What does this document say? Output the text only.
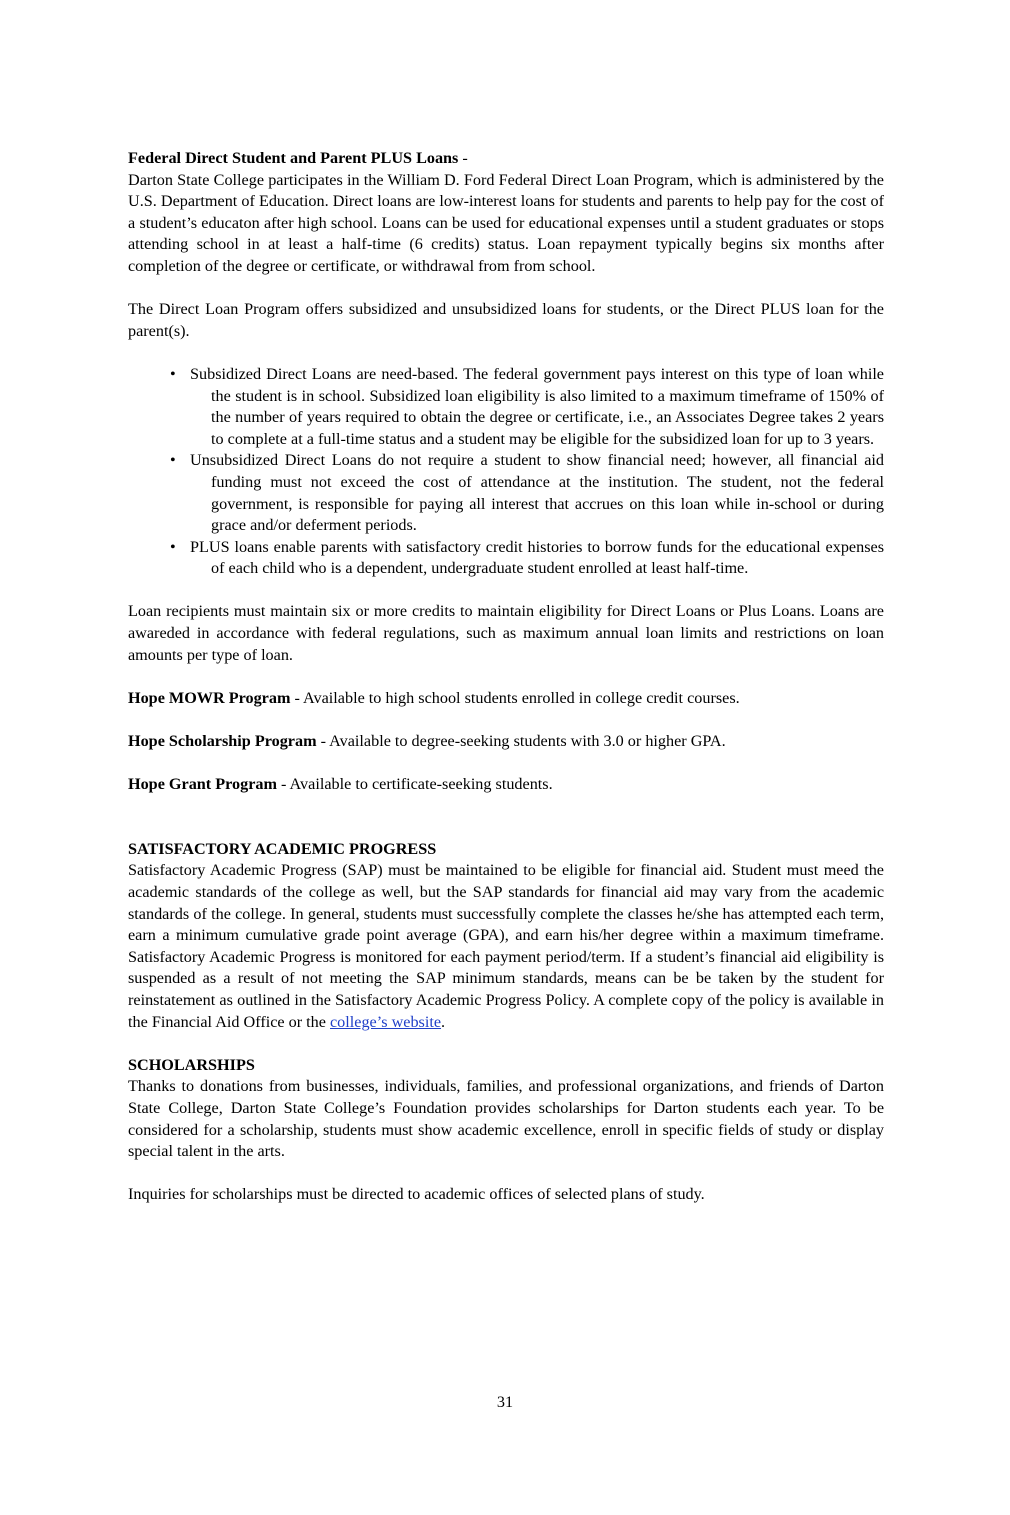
Federal Direct Student and Parent PLUS Loans -

Darton State College participates in the William D. Ford Federal Direct Loan Program, which is administered by the U.S. Department of Education. Direct loans are low-interest loans for students and parents to help pay for the cost of a student’s educaton after high school. Loans can be used for educational expenses until a student graduates or stops attending school in at least a half-time (6 credits) status. Loan repayment typically begins six months after completion of the degree or certificate, or withdrawal from from school.

The Direct Loan Program offers subsidized and unsubsidized loans for students, or the Direct PLUS loan for the parent(s).

• Subsidized Direct Loans are need-based. The federal government pays interest on this type of loan while the student is in school. Subsidized loan eligibility is also limited to a maximum timeframe of 150% of the number of years required to obtain the degree or certificate, i.e., an Associates Degree takes 2 years to complete at a full-time status and a student may be eligible for the subsidized loan for up to 3 years.
• Unsubsidized Direct Loans do not require a student to show financial need; however, all financial aid funding must not exceed the cost of attendance at the institution. The student, not the federal government, is responsible for paying all interest that accrues on this loan while in-school or during grace and/or deferment periods.
• PLUS loans enable parents with satisfactory credit histories to borrow funds for the educational expenses of each child who is a dependent, undergraduate student enrolled at least half-time.

Loan recipients must maintain six or more credits to maintain eligibility for Direct Loans or Plus Loans. Loans are awareded in accordance with federal regulations, such as maximum annual loan limits and restrictions on loan amounts per type of loan.

Hope MOWR Program - Available to high school students enrolled in college credit courses.

Hope Scholarship Program - Available to degree-seeking students with 3.0 or higher GPA.

Hope Grant Program - Available to certificate-seeking students.

SATISFACTORY ACADEMIC PROGRESS

Satisfactory Academic Progress (SAP) must be maintained to be eligible for financial aid. Student must meed the academic standards of the college as well, but the SAP standards for financial aid may vary from the academic standards of the college. In general, students must successfully complete the classes he/she has attempted each term, earn a minimum cumulative grade point average (GPA), and earn his/her degree within a maximum timeframe. Satisfactory Academic Progress is monitored for each payment period/term. If a student’s financial aid eligibility is suspended as a result of not meeting the SAP minimum standards, means can be be taken by the student for reinstatement as outlined in the Satisfactory Academic Progress Policy. A complete copy of the policy is available in the Financial Aid Office or the college’s website.

SCHOLARSHIPS

Thanks to donations from businesses, individuals, families, and professional organizations, and friends of Darton State College, Darton State College’s Foundation provides scholarships for Darton students each year. To be considered for a scholarship, students must show academic excellence, enroll in specific fields of study or display special talent in the arts.

Inquiries for scholarships must be directed to academic offices of selected plans of study.

31
